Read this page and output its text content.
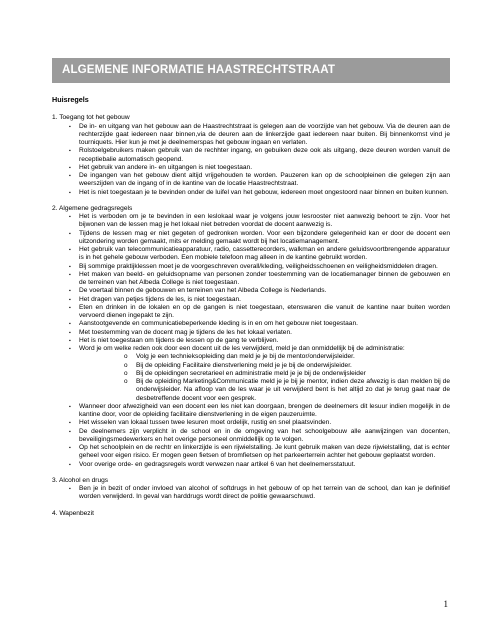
ALGEMENE INFORMATIE HAASTRECHTSTRAAT
Huisregels
1. Toegang tot het gebouw
▪ De in- en uitgang van het gebouw aan de Haastrechtstraat is gelegen aan de voorzijde van het gebouw. Via de deuren aan de rechterzijde gaat iedereen naar binnen,via de deuren aan de linkerzijde gaat iedereen naar buiten. Bij binnenkomst vind je tourniquets. Hier kun je met je deelnemerspas het gebouw ingaan en verlaten.
▪ Rolstoelgebruikers maken gebruik van de rechhter ingang, en gebuiken deze ook als uitgang, deze deuren worden vanuit de receptiebalie automatisch geopend.
▪ Het gebruik van andere in- en uitgangen is niet toegestaan.
▪ De ingangen van het gebouw dient altijd vrijgehouden te worden. Pauzeren kan op de schoolpleinen die gelegen zijn aan weerszijden van de ingang of in de kantine van de locatie Haastrechtstraat.
▪ Het is niet toegestaan je te bevinden onder de luifel van het gebouw, iedereen moet ongestoord naar binnen en buiten kunnen.
2. Algemene gedragsregels
▪ Het is verboden om je te bevinden in een leslokaal waar je volgens jouw lesrooster niet aanwezig behoort te zijn. Voor het bijwonen van de lessen mag je het lokaal niet betreden voordat de docent aanwezig is.
▪ Tijdens de lessen mag er niet gegeten of gedronken worden. Voor een bijzondere gelegenheid kan er door de docent een uitzondering worden gemaakt, mits er melding gemaakt wordt bij het locatiemanagement.
▪ Het gebruik van telecommunicatieapparatuur, radio, cassetterecorders, walkman en andere geluidsvoortbrengende apparatuur is in het gehele gebouw verboden. Een mobiele telefoon mag alleen in de kantine gebruikt worden.
▪ Bij sommige praktijklessen moet je de voorgeschreven overall/kleding, veiligheidsschoenen en veiligheidsmiddelen dragen.
▪ Het maken van beeld- en geluidsopname van personen zonder toestemming van de locatiemanager binnen de gebouwen en de terreinen van het Albeda College is niet toegestaan.
▪ De voertaal binnen de gebouwen en terreinen van het Albeda College is Nederlands.
▪ Het dragen van petjes tijdens de les, is niet toegestaan.
▪ Eten en drinken in de lokalen en op de gangen is niet toegestaan, etenswaren die vanuit de kantine naar buiten worden vervoerd dienen ingepakt te zijn.
▪ Aanstootgevende en communicatiebeperkende kleding is in en om het gebouw niet toegestaan.
▪ Met toestemming van de docent mag je tijdens de les het lokaal verlaten.
▪ Het is niet toegestaan om tijdens de lessen op de gang te verblijven.
▪ Word je om welke reden ook door een docent uit de les verwijderd, meld je dan onmiddellijk bij de administratie:
o Volg je een technieksopleiding dan meld je je bij de mentor/onderwijsleider.
o Bij de opleiding Facilitaire dienstverlening meld je je bij de onderwijsleider.
o Bij de opleidingen secretarieel en administratie meld je je bij de onderwijsleider
o Bij de opleiding Marketing&Communicatie meld je je bij je mentor, indien deze afwezig is dan melden bij de onderwijsleider. Na afloop van de les waar je uit verwijderd bent is het altijd zo dat je terug gaat naar de desbetreffende docent voor een gesprek.
▪ Wanneer door afwezigheid van een docent een les niet kan doorgaan, brengen de deelnemers dit lesuur indien mogelijk in de kantine door, voor de opleiding facilitaire dienstverlening in de eigen pauzeruimte.
▪ Het wisselen van lokaal tussen twee lesuren moet ordelijk, rustig en snel plaatsvinden.
▪ De deelnemers zijn verplicht in de school en in de omgeving van het schoolgebouw alle aanwijzingen van docenten, beveiligingsmedewerkers en het overige personeel onmiddellijk op te volgen.
▪ Op het schoolplein en de rechtr en linkerzijde is een rijwielstalling. Je kunt gebruik maken van deze rijwielstalling, dat is echter geheel voor eigen risico. Er mogen geen fietsen of bromfietsen op het parkeerterrein achter het gebouw geplaatst worden.
▪ Voor overige orde- en gedragsregels wordt verwezen naar artikel 6 van het deelnemersstatuut.
3. Alcohol en drugs
▪ Ben je in bezit of onder invloed van alcohol of softdrugs in het gebouw of op het terrein van de school, dan kan je definitief worden verwijderd. In geval van harddrugs wordt direct de politie gewaarschuwd.
4. Wapenbezit
1
